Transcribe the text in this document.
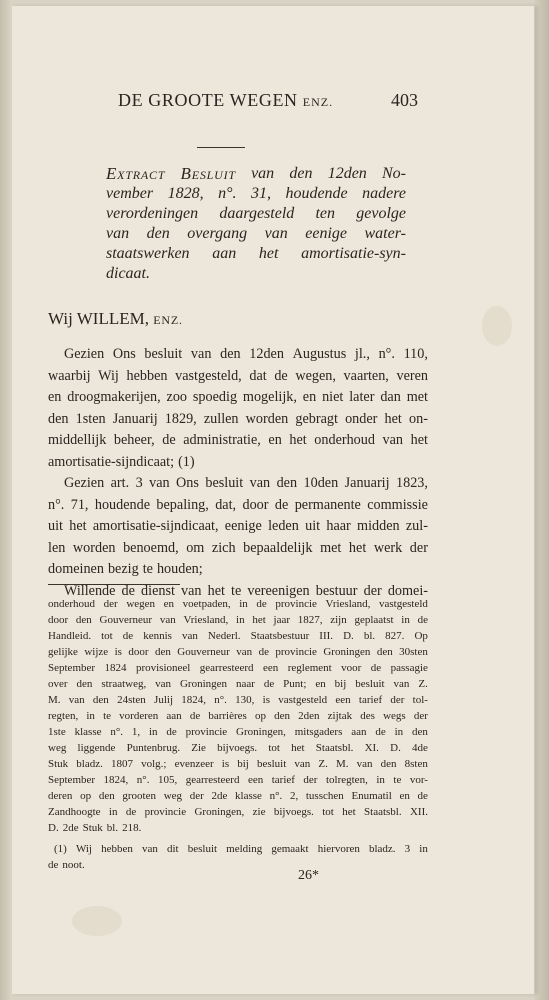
DE GROOTE WEGEN ENZ.	403
Extract Besluit van den 12den No-
vember 1828, n°. 31, houdende nadere
verordeningen daargesteld ten gevolge
van den overgang van eenige water-
staatswerken aan het amortisatie-syn-
dicaat.
Wij WILLEM, ENZ.
Gezien Ons besluit van den 12den Augustus jl., n°. 110,
waarbij Wij hebben vastgesteld, dat de wegen, vaarten, veren
en droogmakerijen, zoo spoedig mogelijk, en niet later dan met
den 1sten Januarij 1829, zullen worden gebragt onder het on-
middellijk beheer, de administratie, en het onderhoud van het
amortisatie-sijndicaat; (1)
Gezien art. 3 van Ons besluit van den 10den Januarij 1823,
n°. 71, houdende bepaling, dat, door de permanente commissie
uit het amortisatie-sijndicaat, eenige leden uit haar midden zul-
len worden benoemd, om zich bepaaldelijk met het werk der
domeinen bezig te houden;
Willende de dienst van het te vereenigen bestuur der domei-
onderhoud der wegen en voetpaden, in de provincie Vriesland, vastgesteld
door den Gouverneur van Vriesland, in het jaar 1827, zijn geplaatst in de
Handleid. tot de kennis van Nederl. Staatsbestuur III. D. bl. 827. Op
gelijke wijze is door den Gouverneur van de provincie Groningen den 30sten
September 1824 provisioneel gearresteerd een reglement voor de passagie
over den straatweg, van Groningen naar de Punt; en bij besluit van Z.
M. van den 24sten Julij 1824, n°. 130, is vastgesteld een tarief der tol-
regten, in te vorderen aan de barrières op den 2den zijtak des wegs der
1ste klasse n°. 1, in de provincie Groningen, mitsgaders aan de in den
weg liggende Puntenbrug. Zie bijvoegs. tot het Staatsbl. XI. D. 4de
Stuk bladz. 1807 volg.; evenzeer is bij besluit van Z. M. van den 8sten
September 1824, n°. 105, gearresteerd een tarief der tolregten, in te vor-
deren op den grooten weg der 2de klasse n°. 2, tusschen Enumatil en de
Zandhoogte in de provincie Groningen, zie bijvoegs. tot het Staatsbl. XII.
D. 2de Stuk bl. 218.
(1) Wij hebben van dit besluit melding gemaakt hiervoren bladz. 3 in
de noot.
26*
